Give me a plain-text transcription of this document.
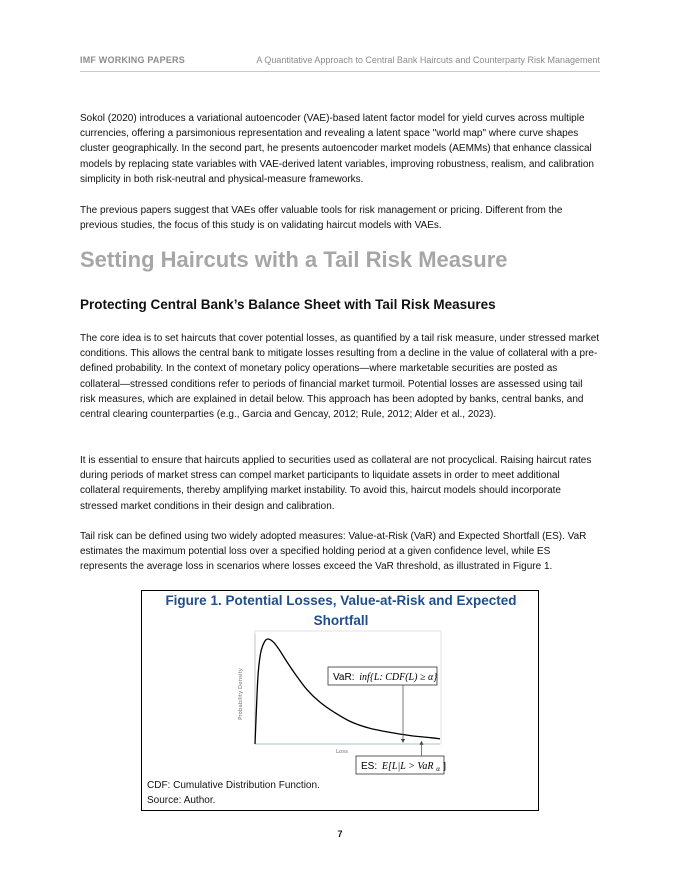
IMF WORKING PAPERS	A Quantitative Approach to Central Bank Haircuts and Counterparty Risk Management

Sokol (2020) introduces a variational autoencoder (VAE)-based latent factor model for yield curves across multiple currencies, offering a parsimonious representation and revealing a latent space "world map" where curve shapes cluster geographically. In the second part, he presents autoencoder market models (AEMMs) that enhance classical models by replacing state variables with VAE-derived latent variables, improving robustness, realism, and calibration simplicity in both risk-neutral and physical-measure frameworks.

The previous papers suggest that VAEs offer valuable tools for risk management or pricing. Different from the previous studies, the focus of this study is on validating haircut models with VAEs.

Setting Haircuts with a Tail Risk Measure
Protecting Central Bank’s Balance Sheet with Tail Risk Measures

The core idea is to set haircuts that cover potential losses, as quantified by a tail risk measure, under stressed market conditions. This allows the central bank to mitigate losses resulting from a decline in the value of collateral with a pre-defined probability. In the context of monetary policy operations—where marketable securities are posted as collateral—stressed conditions refer to periods of financial market turmoil. Potential losses are assessed using tail risk measures, which are explained in detail below. This approach has been adopted by banks, central banks, and central clearing counterparties (e.g., Garcia and Gencay, 2012; Rule, 2012; Alder et al., 2023).

It is essential to ensure that haircuts applied to securities used as collateral are not procyclical. Raising haircut rates during periods of market stress can compel market participants to liquidate assets in order to meet additional collateral requirements, thereby amplifying market instability. To avoid this, haircut models should incorporate stressed market conditions in their design and calibration.

Tail risk can be defined using two widely adopted measures: Value-at-Risk (VaR) and Expected Shortfall (ES). VaR estimates the maximum potential loss over a specified holding period at a given confidence level, while ES represents the average loss in scenarios where losses exceed the VaR threshold, as illustrated in Figure 1.

Figure 1. Potential Losses, Value-at-Risk and Expected
Shortfall
Probability Density
Loss
VaR: inf{L: CDF(L) ≥ α}
ES: E[L|L > VaR $_\alpha$ ]
CDF: Cumulative Distribution Function.
Source: Author.
7
